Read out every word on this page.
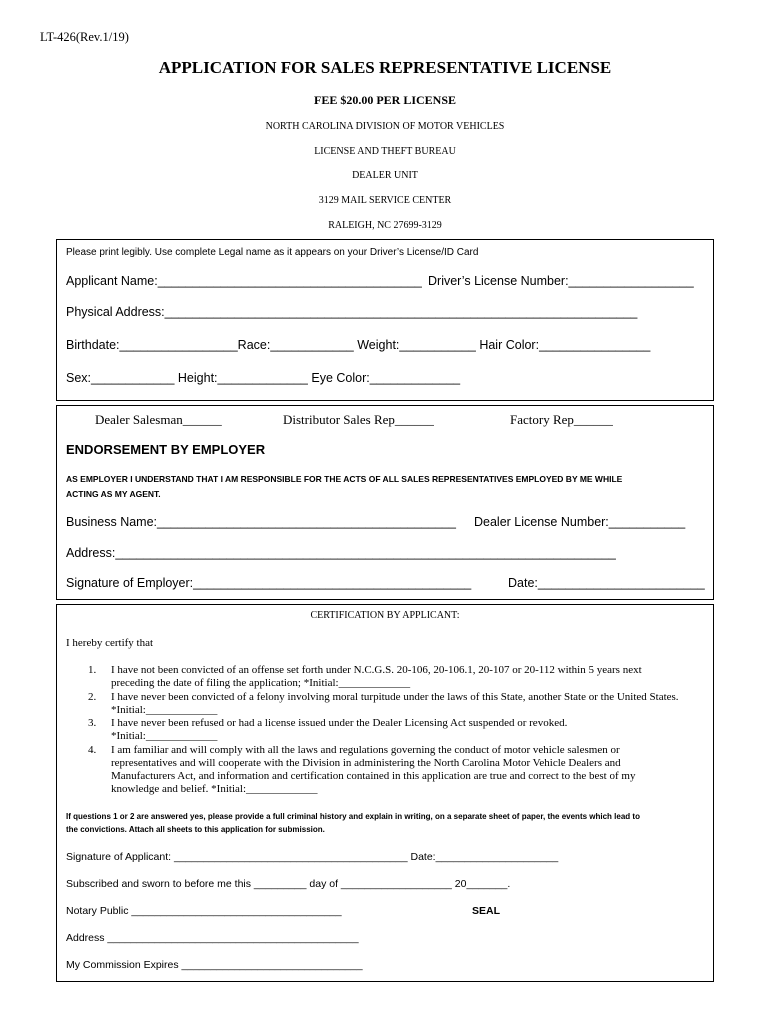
LT-426(Rev.1/19)
APPLICATION FOR SALES REPRESENTATIVE LICENSE
FEE $20.00 PER LICENSE
NORTH CAROLINA DIVISION OF MOTOR VEHICLES
LICENSE AND THEFT BUREAU
DEALER UNIT
3129 MAIL SERVICE CENTER
RALEIGH, NC 27699-3129
Please print legibly. Use complete Legal name as it appears on your Driver’s License/ID Card
Applicant Name:______________________________________ Driver’s License Number:__________________
Physical Address:____________________________________________________________________
Birthdate:_________________Race:____________ Weight:___________ Hair Color:________________
Sex:____________ Height:_____________ Eye Color:_____________
Dealer Salesman______	Distributor Sales Rep______	Factory Rep______
ENDORSEMENT BY EMPLOYER
AS EMPLOYER I UNDERSTAND THAT I AM RESPONSIBLE FOR THE ACTS OF ALL SALES REPRESENTATIVES EMPLOYED BY ME WHILE
ACTING AS MY AGENT.
Business Name:___________________________________________ Dealer License Number:___________
Address:________________________________________________________________________
Signature of Employer:________________________________________	Date:________________________
CERTIFICATION BY APPLICANT:
I hereby certify that
1. I have not been convicted of an offense set forth under N.C.G.S. 20-106, 20-106.1, 20-107 or 20-112 within 5 years next
preceding the date of filing the application; *Initial:_____________
2. I have never been convicted of a felony involving moral turpitude under the laws of this State, another State or the United States.
*Initial:_____________
3. I have never been refused or had a license issued under the Dealer Licensing Act suspended or revoked.
*Initial:_____________
4. I am familiar and will comply with all the laws and regulations governing the conduct of motor vehicle salesmen or
representatives and will cooperate with the Division in administering the North Carolina Motor Vehicle Dealers and
Manufacturers Act, and information and certification contained in this application are true and correct to the best of my
knowledge and belief. *Initial:_____________
If questions 1 or 2 are answered yes, please provide a full criminal history and explain in writing, on a separate sheet of paper, the events which lead to
the convictions. Attach all sheets to this application for submission.
Signature of Applicant: ________________________________________ Date:_____________________
Subscribed and sworn to before me this _________ day of ___________________ 20_______.
Notary Public ____________________________________	SEAL
Address ___________________________________________
My Commission Expires _______________________________
